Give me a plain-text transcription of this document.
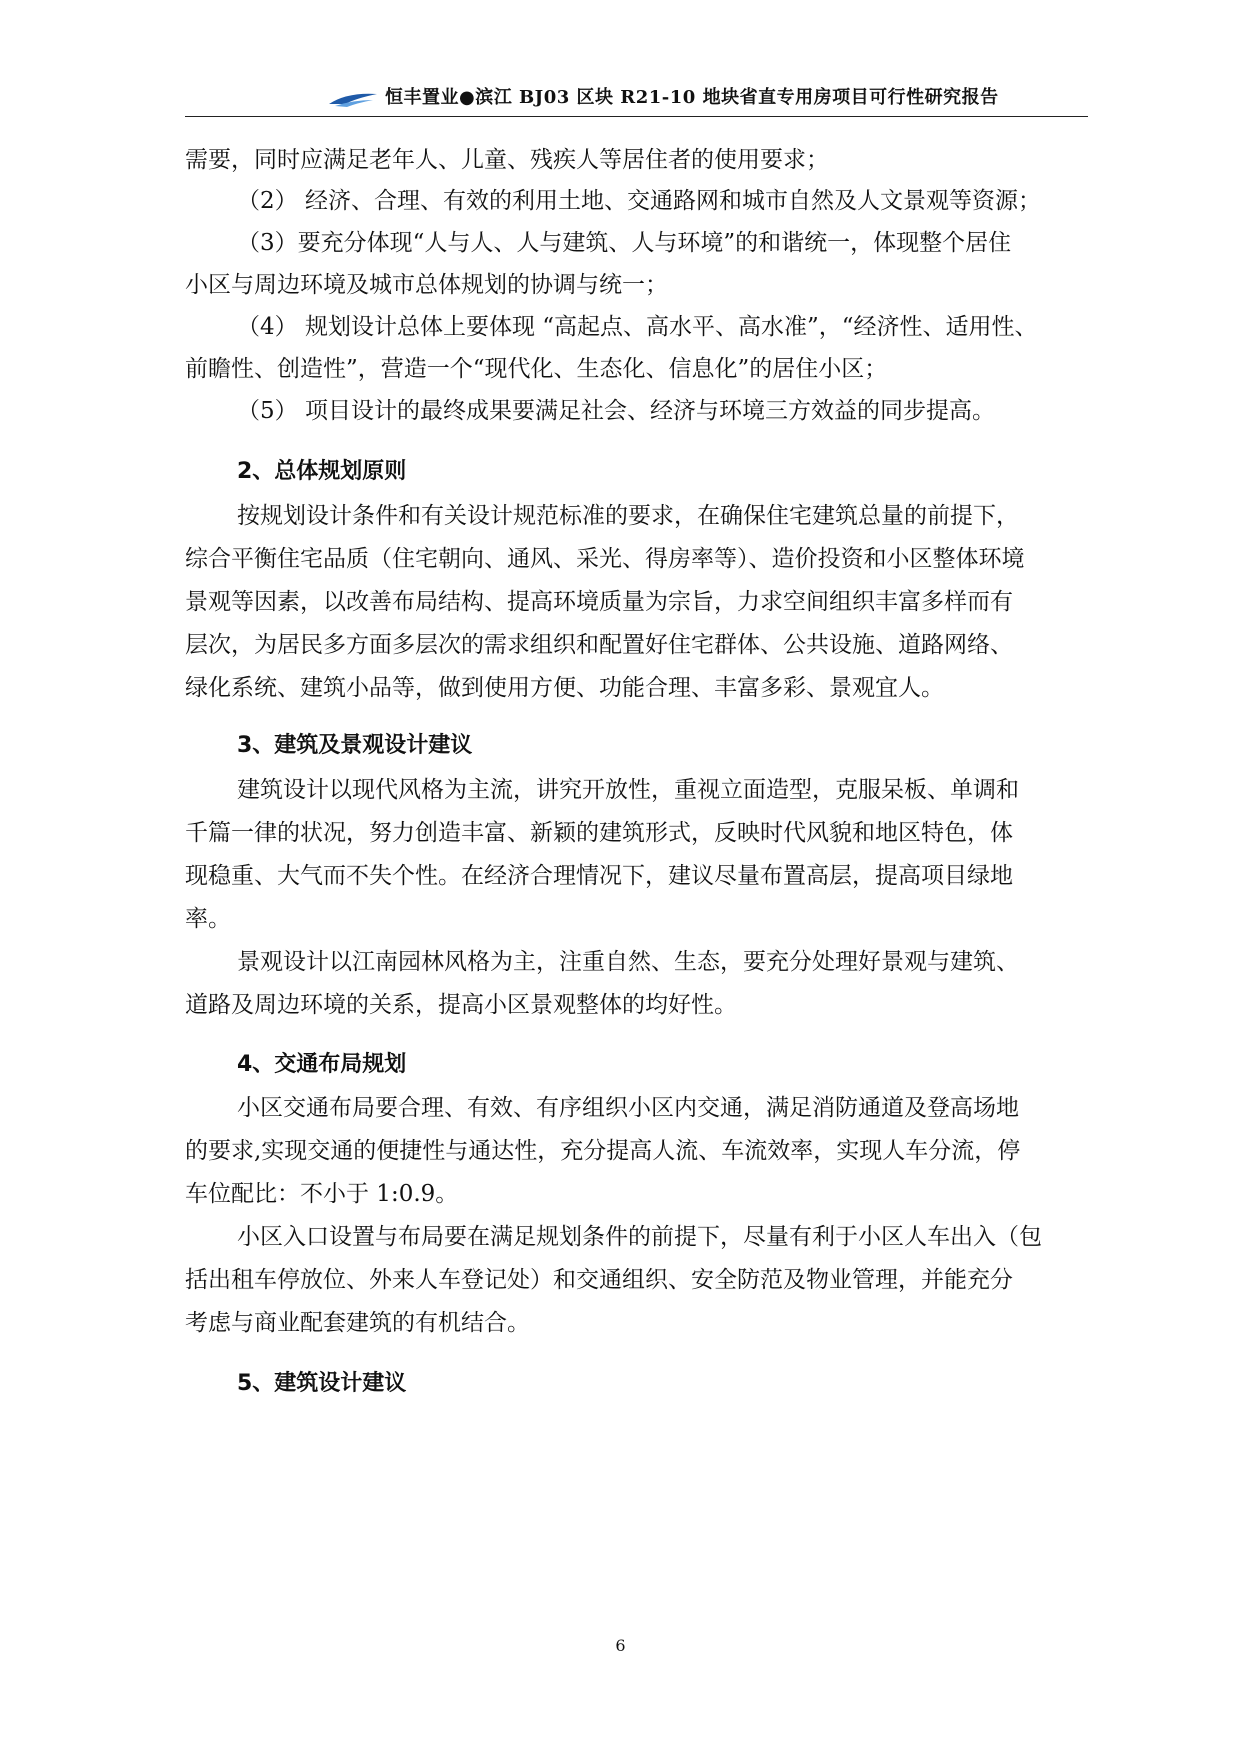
恒丰置业●滨江 BJ03 区块 R21-10 地块省直专用房项目可行性研究报告
需要，同时应满足老年人、儿童、残疾人等居住者的使用要求；
（2） 经济、合理、有效的利用土地、交通路网和城市自然及人文景观等资源；
（3）要充分体现“人与人、人与建筑、人与环境”的和谐统一，体现整个居住
小区与周边环境及城市总体规划的协调与统一；
（4） 规划设计总体上要体现 “高起点、高水平、高水准”，“经济性、适用性、
前瞻性、创造性”，营造一个“现代化、生态化、信息化”的居住小区；
（5） 项目设计的最终成果要满足社会、经济与环境三方效益的同步提高。
2、总体规划原则
按规划设计条件和有关设计规范标准的要求，在确保住宅建筑总量的前提下，
综合平衡住宅品质（住宅朝向、通风、采光、得房率等）、造价投资和小区整体环境
景观等因素，以改善布局结构、提高环境质量为宗旨，力求空间组织丰富多样而有
层次，为居民多方面多层次的需求组织和配置好住宅群体、公共设施、道路网络、
绿化系统、建筑小品等，做到使用方便、功能合理、丰富多彩、景观宜人。
3、建筑及景观设计建议
建筑设计以现代风格为主流，讲究开放性，重视立面造型，克服呆板、单调和
千篇一律的状况，努力创造丰富、新颖的建筑形式，反映时代风貌和地区特色，体
现稳重、大气而不失个性。在经济合理情况下，建议尽量布置高层，提高项目绿地
率。
景观设计以江南园林风格为主，注重自然、生态，要充分处理好景观与建筑、
道路及周边环境的关系，提高小区景观整体的均好性。
4、交通布局规划
小区交通布局要合理、有效、有序组织小区内交通，满足消防通道及登高场地
的要求,实现交通的便捷性与通达性，充分提高人流、车流效率，实现人车分流，停
车位配比：不小于 1:0.9。
小区入口设置与布局要在满足规划条件的前提下，尽量有利于小区人车出入（包
括出租车停放位、外来人车登记处）和交通组织、安全防范及物业管理，并能充分
考虑与商业配套建筑的有机结合。
5、建筑设计建议
6
